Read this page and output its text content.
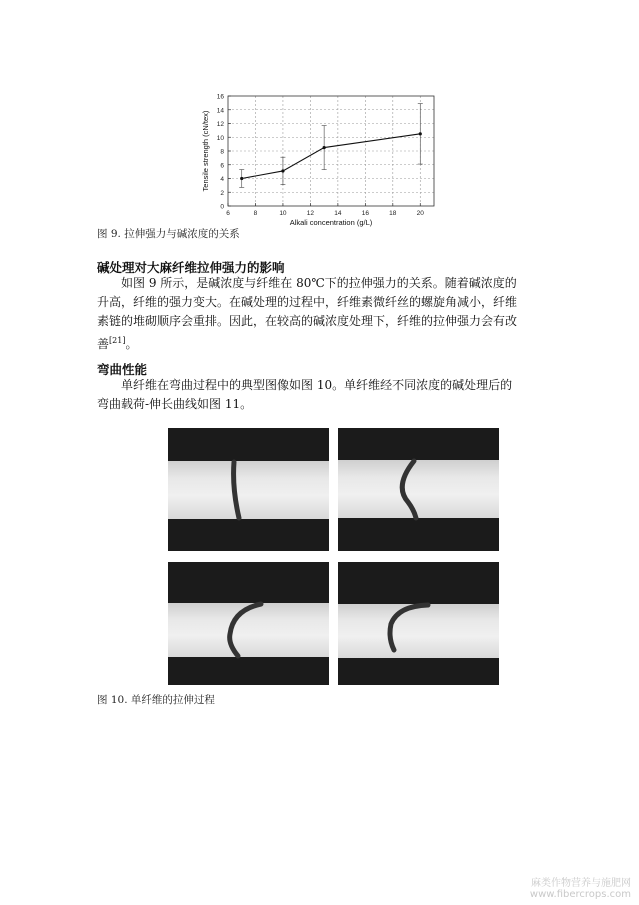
0
2
4
6
8
10
12
14
16
6	8	10	12	14	16	18	20
Alkali concentration (g/L)
Tensile strength (cN/tex)
图 9. 拉伸强力与碱浓度的关系
碱处理对大麻纤维拉伸强力的影响
如图 9 所示，是碱浓度与纤维在 80℃下的拉伸强力的关系。随着碱浓度的
升高，纤维的强力变大。在碱处理的过程中，纤维素微纤丝的螺旋角减小，纤维
素链的堆砌顺序会重排。因此，在较高的碱浓度处理下，纤维的拉伸强力会有改
善[21]。
弯曲性能
单纤维在弯曲过程中的典型图像如图 10。单纤维经不同浓度的碱处理后的
弯曲载荷-伸长曲线如图 11。
图 10. 单纤维的拉伸过程
麻类作物营养与施肥网
www.fibercrops.com
